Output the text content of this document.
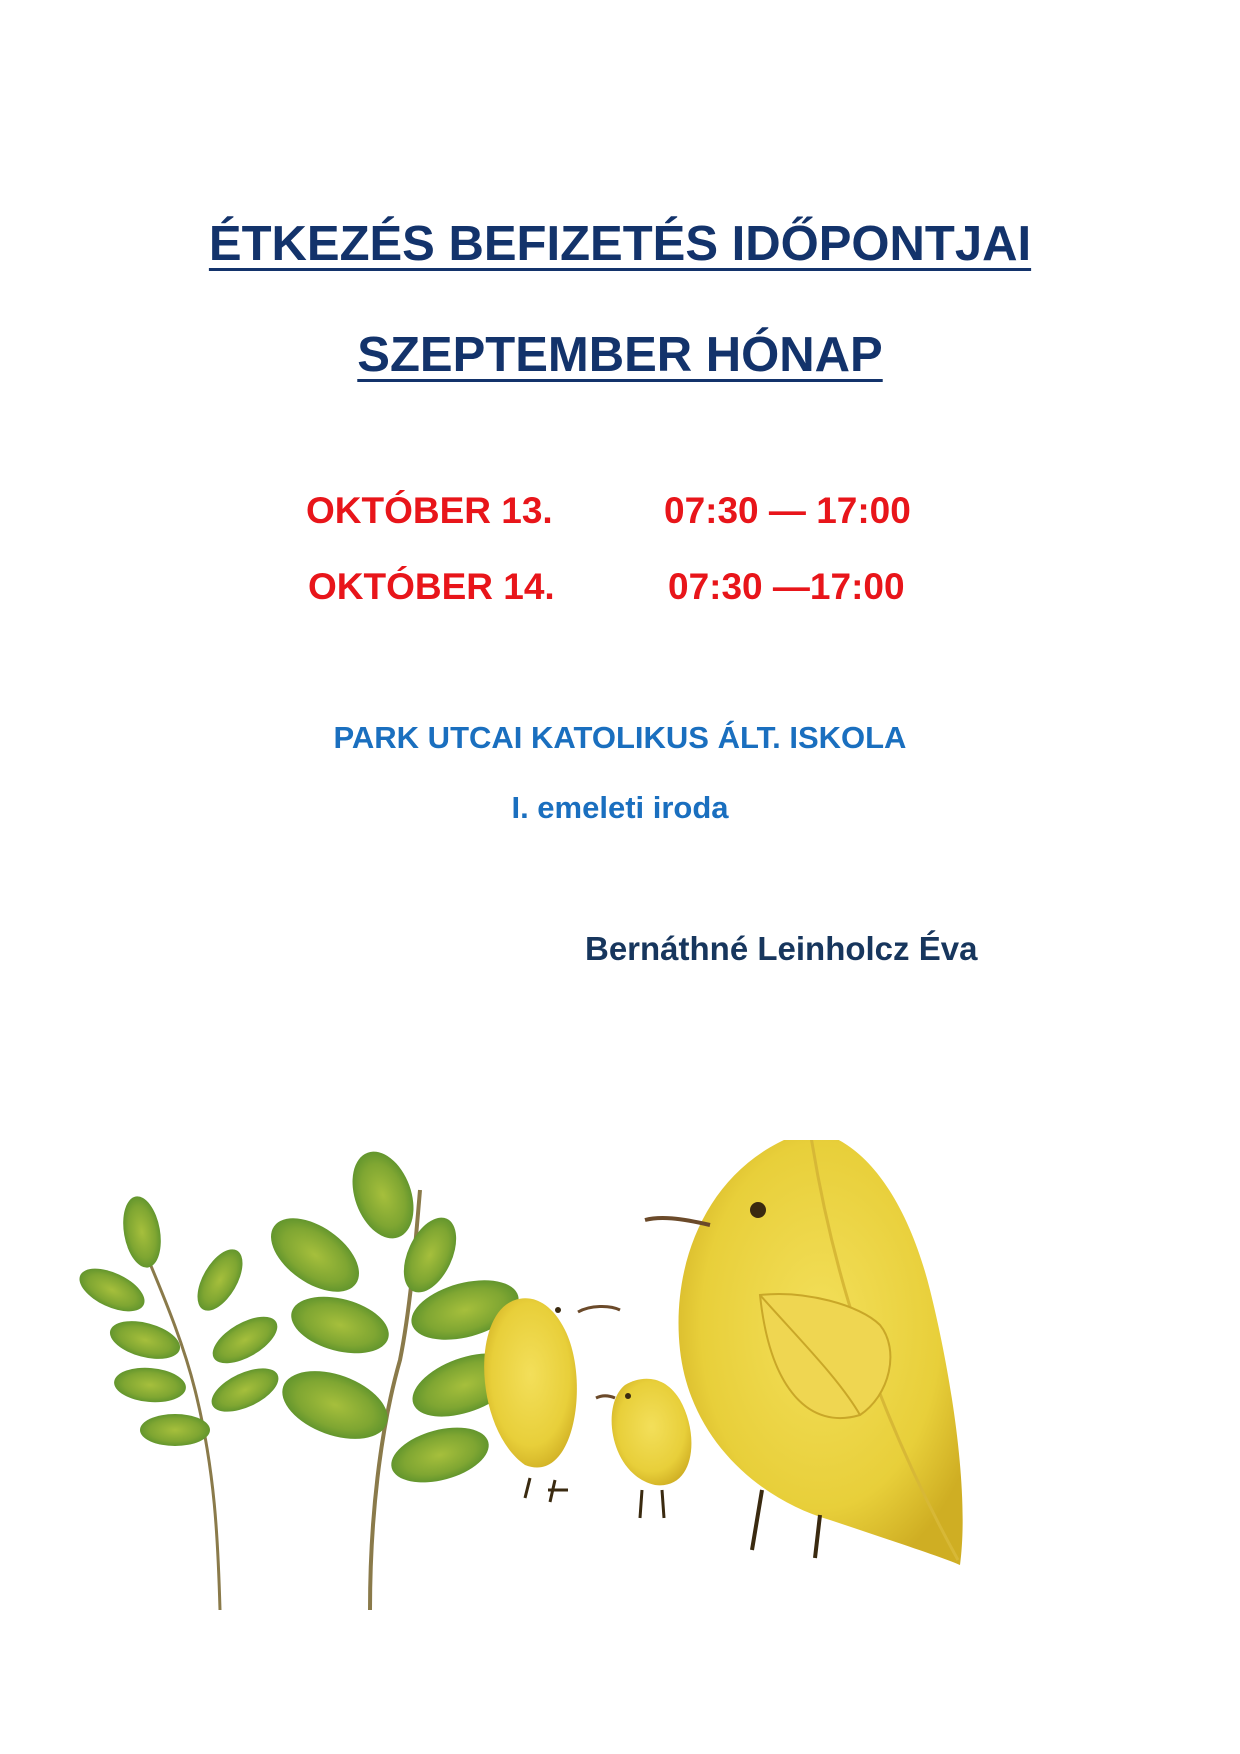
ÉTKEZÉS BEFIZETÉS IDŐPONTJAI
SZEPTEMBER HÓNAP
OKTÓBER 13.	07:30 — 17:00
OKTÓBER 14.	07:30 —17:00
PARK UTCAI KATOLIKUS ÁLT. ISKOLA
I. emeleti iroda
Bernáthné Leinholcz Éva
